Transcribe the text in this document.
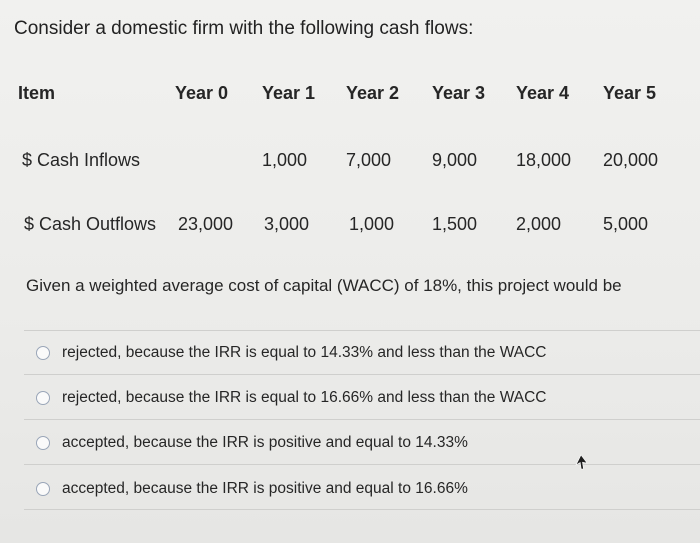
Consider a domestic firm with the following cash flows:
Item	Year 0 Year 1 Year 2 Year 3 Year 4 Year 5
$ Cash Inflows	1,000 7,000 9,000 18,000 20,000
$ Cash Outflows 23,000 3,000 1,000 1,500 2,000 5,000
Given a weighted average cost of capital (WACC) of 18%, this project would be
rejected, because the IRR is equal to 14.33% and less than the WACC
rejected, because the IRR is equal to 16.66% and less than the WACC
accepted, because the IRR is positive and equal to 14.33%
accepted, because the IRR is positive and equal to 16.66%
